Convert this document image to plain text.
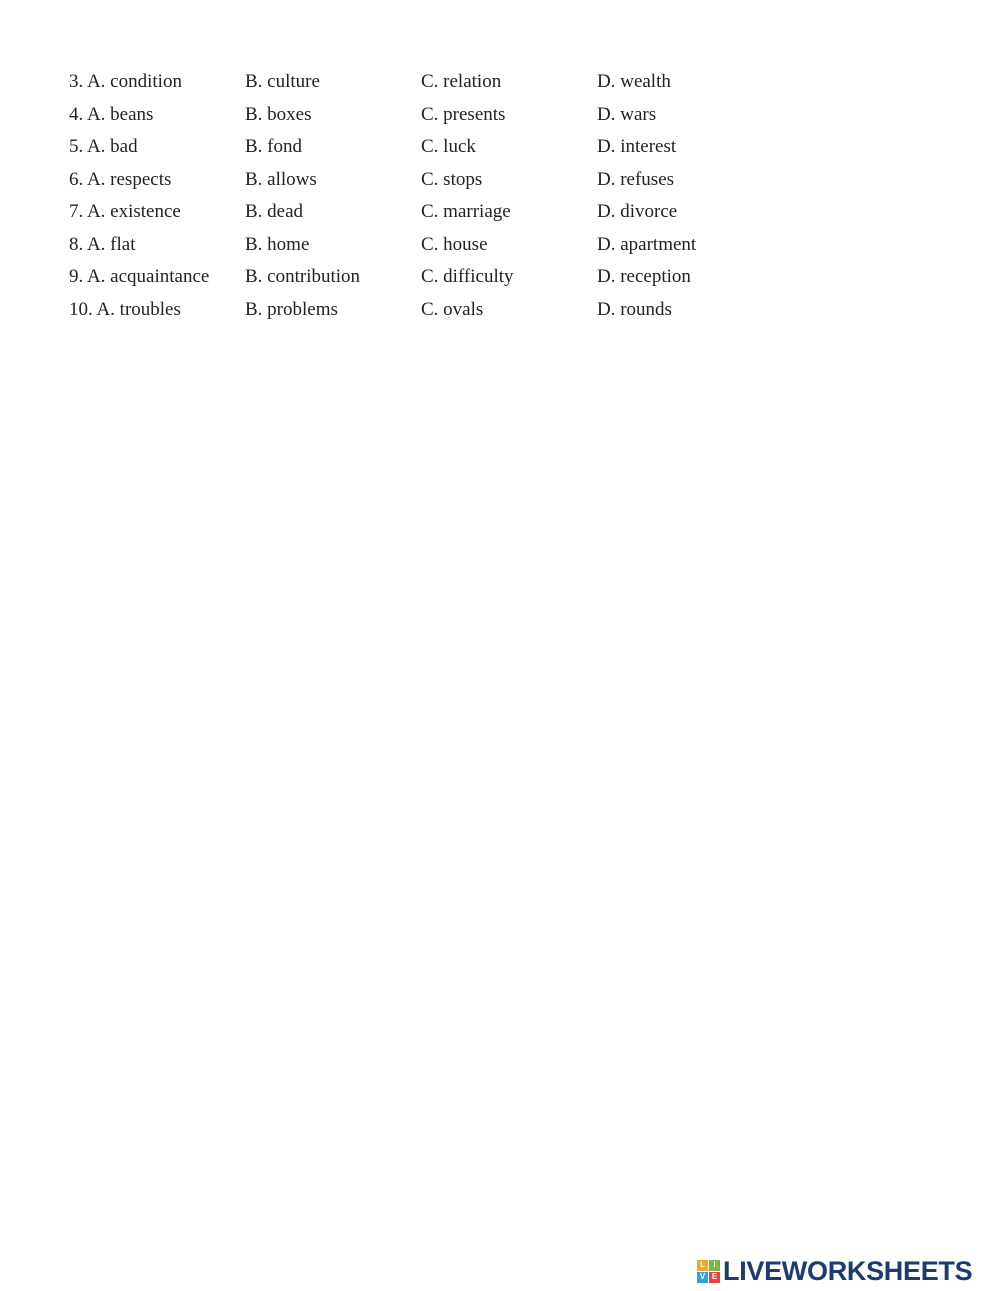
3. A. condition	B. culture	C. relation	D. wealth
4. A. beans	B. boxes	C. presents	D. wars
5. A. bad	B. fond	C. luck	D. interest
6. A. respects	B. allows	C. stops	D. refuses
7. A. existence	B. dead	C. marriage	D. divorce
8. A. flat	B. home	C. house	D. apartment
9. A. acquaintance	B. contribution	C. difficulty	D. reception
10. A. troubles	B. problems	C. ovals	D. rounds
L	I
V E LIVEWORKSHEETS
